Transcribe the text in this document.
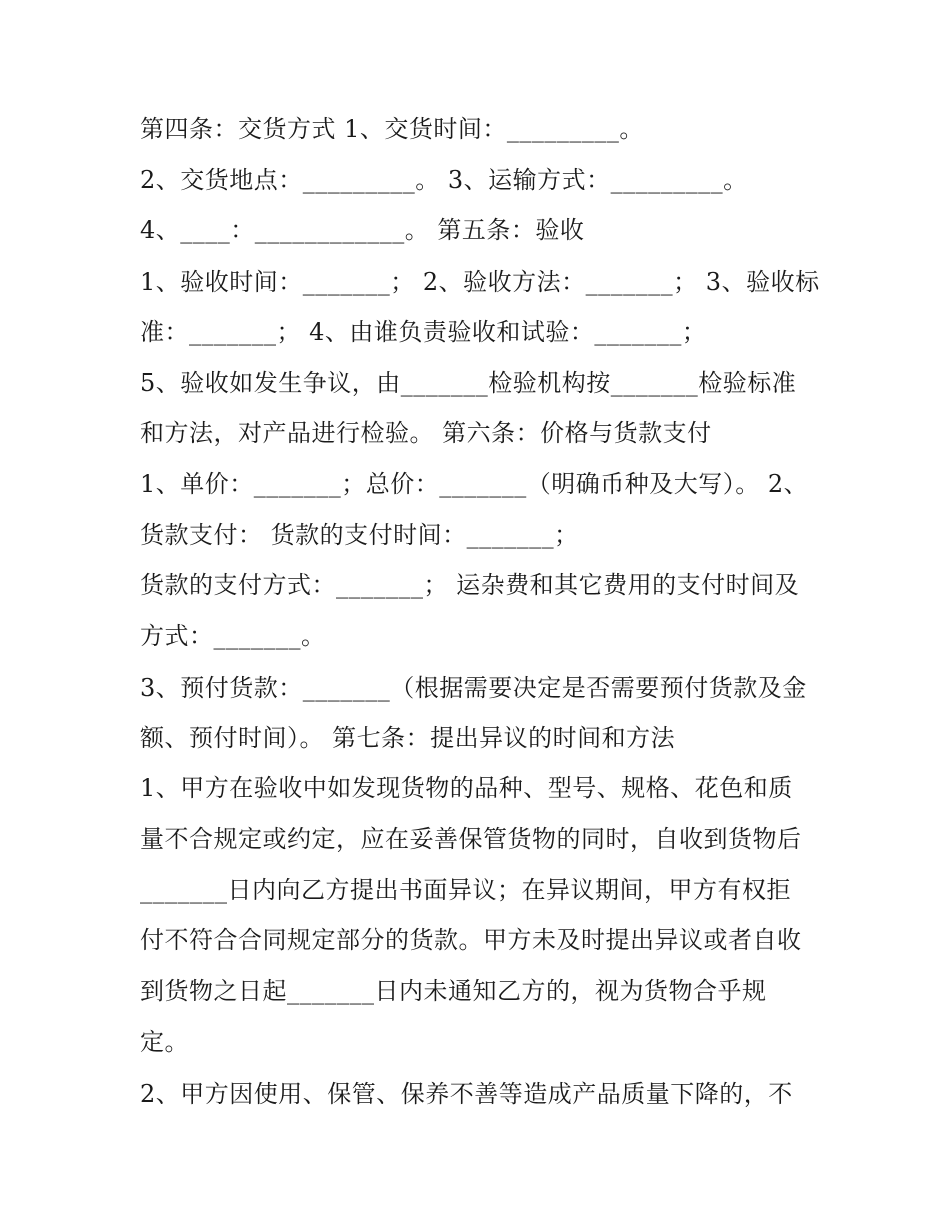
第四条：交货方式 1、交货时间：_________。
2、交货地点：_________。 3、运输方式：_________。
4、____：____________。 第五条：验收
1、验收时间：_______； 2、验收方法：_______； 3、验收标
准：_______； 4、由谁负责验收和试验：_______；
5、验收如发生争议，由_______检验机构按_______检验标准
和方法，对产品进行检验。 第六条：价格与货款支付
1、单价：_______；总价：_______（明确币种及大写）。 2、
货款支付： 货款的支付时间：_______；
货款的支付方式：_______； 运杂费和其它费用的支付时间及
方式：_______。
3、预付货款：_______（根据需要决定是否需要预付货款及金
额、预付时间）。 第七条：提出异议的时间和方法
1、甲方在验收中如发现货物的品种、型号、规格、花色和质
量不合规定或约定，应在妥善保管货物的同时，自收到货物后
_______日内向乙方提出书面异议；在异议期间，甲方有权拒
付不符合合同规定部分的货款。甲方未及时提出异议或者自收
到货物之日起_______日内未通知乙方的，视为货物合乎规
定。
2、甲方因使用、保管、保养不善等造成产品质量下降的，不
